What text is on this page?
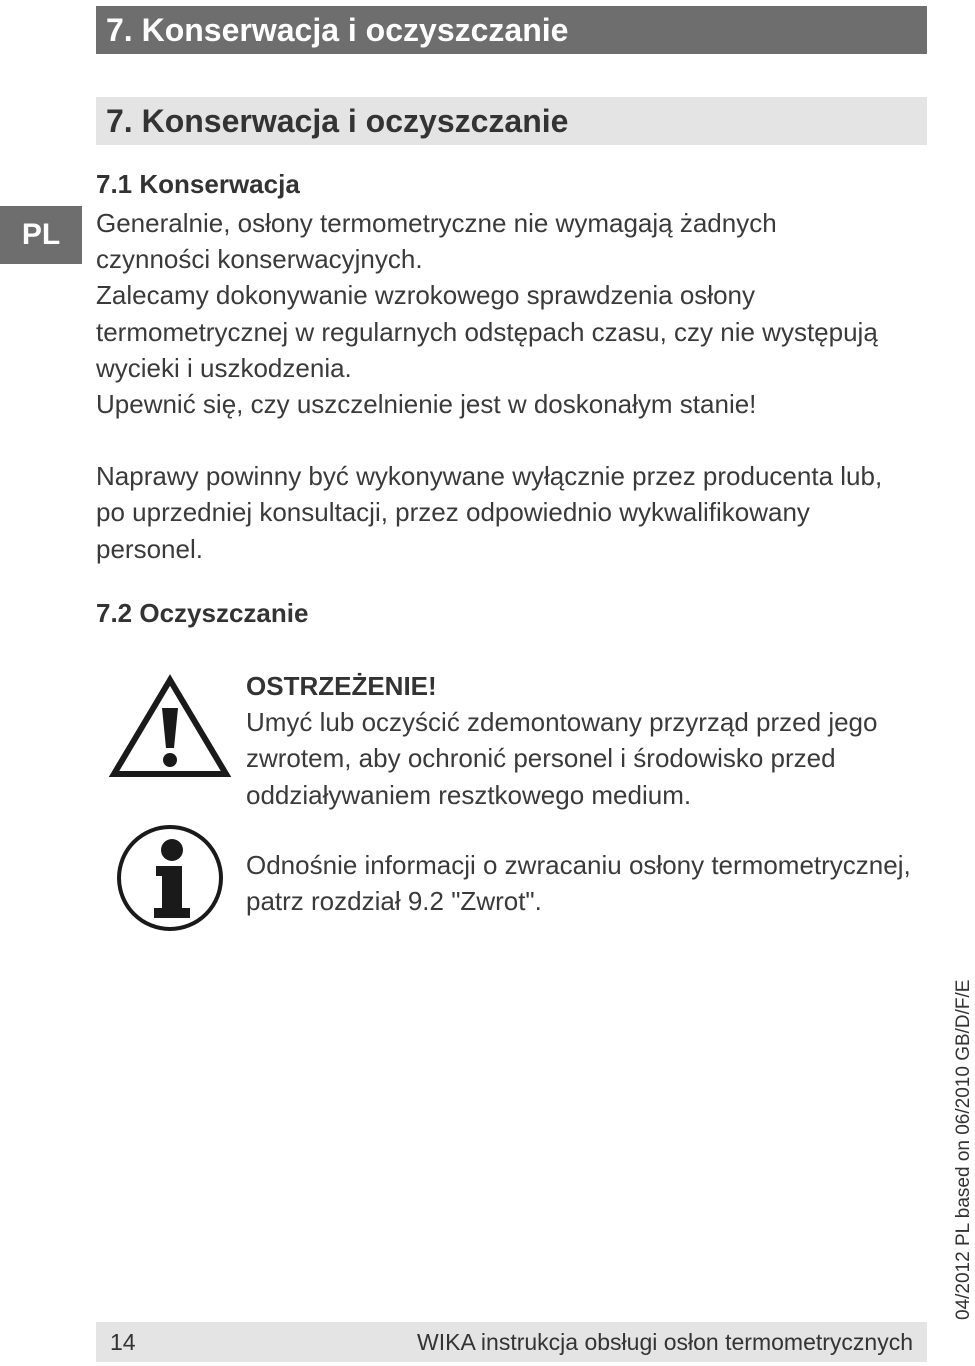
7. Konserwacja i oczyszczanie
7. Konserwacja i oczyszczanie
PL
7.1 Konserwacja

Generalnie, osłony termometryczne nie wymagają żadnych czynności konserwacyjnych.

Zalecamy dokonywanie wzrokowego sprawdzenia osłony termometrycznej w regularnych odstępach czasu, czy nie występują wycieki i uszkodzenia.

Upewnić się, czy uszczelnienie jest w doskonałym stanie!

Naprawy powinny być wykonywane wyłącznie przez producenta lub, po uprzedniej konsultacji, przez odpowiednio wykwalifikowany personel.

7.2 Oczyszczanie
OSTRZEŻENIE!
Umyć lub oczyścić zdemontowany przyrząd przed jego zwrotem, aby ochronić personel i środowisko przed oddziaływaniem resztkowego medium.
Odnośnie informacji o zwracaniu osłony termometrycznej, patrz rozdział 9.2 "Zwrot".
14	WIKA instrukcja obsługi osłon termometrycznych
04/2012 PL based on 06/2010 GB/D/F/E
